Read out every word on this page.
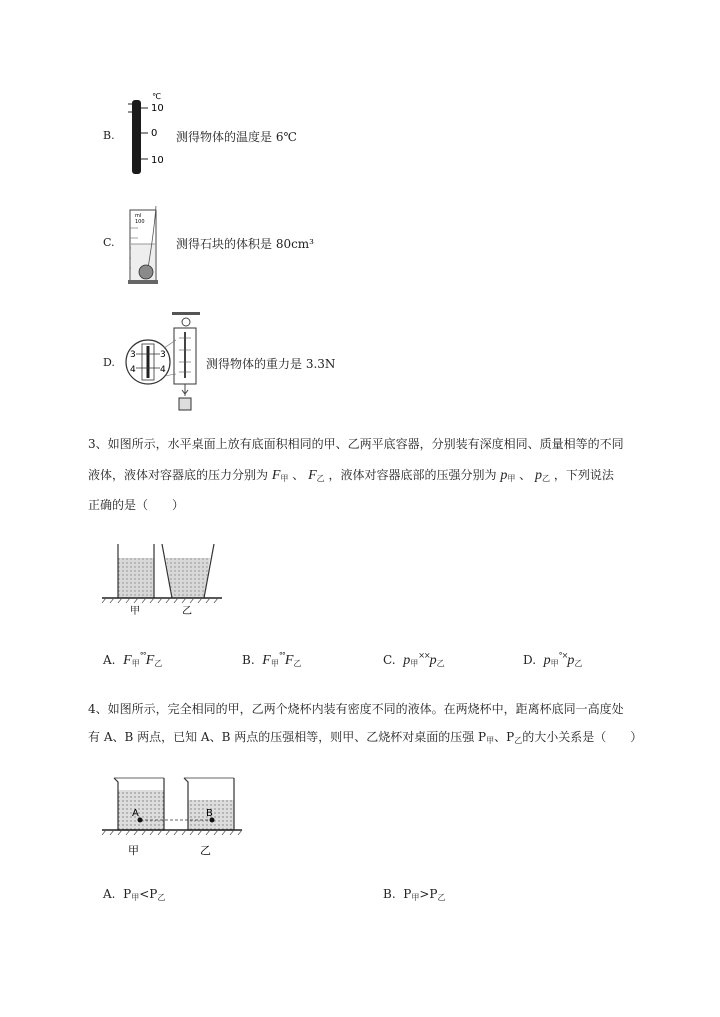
B.
℃
10
0
10
测得物体的温度是 6℃
C.
ml
100
测得石块的体积是 80cm³
D.
3
4
3
4	测得物体的重力是 3.3N
3、如图所示，水平桌面上放有底面积相同的甲、乙两平底容器，分别装有深度相同、质量相等的不同
液体，液体对容器底的压力分别为 $F_甲$ 、 $F_乙$ ，液体对容器底部的压强分别为 $p_甲$ 、 $p_乙$ ，下列说法
正确的是（　　）
甲	乙
A. $F_甲^{^\circ^\circ}F_乙$	B. $F_甲^{^\circ^\circ}F_乙$	C. $p_甲^{\times\times}p_乙$	D. $p_甲^{^\circ\times}p_乙$
4、如图所示，完全相同的甲，乙两个烧杯内装有密度不同的液体。在两烧杯中，距离杯底同一高度处
有 A、B 两点，已知 A、B 两点的压强相等，则甲、乙烧杯对桌面的压强 $P_甲$、$P_乙$的大小关系是（　　）
A	B
甲	乙
A. $P_甲<P_乙$	B. $P_甲>P_乙$
